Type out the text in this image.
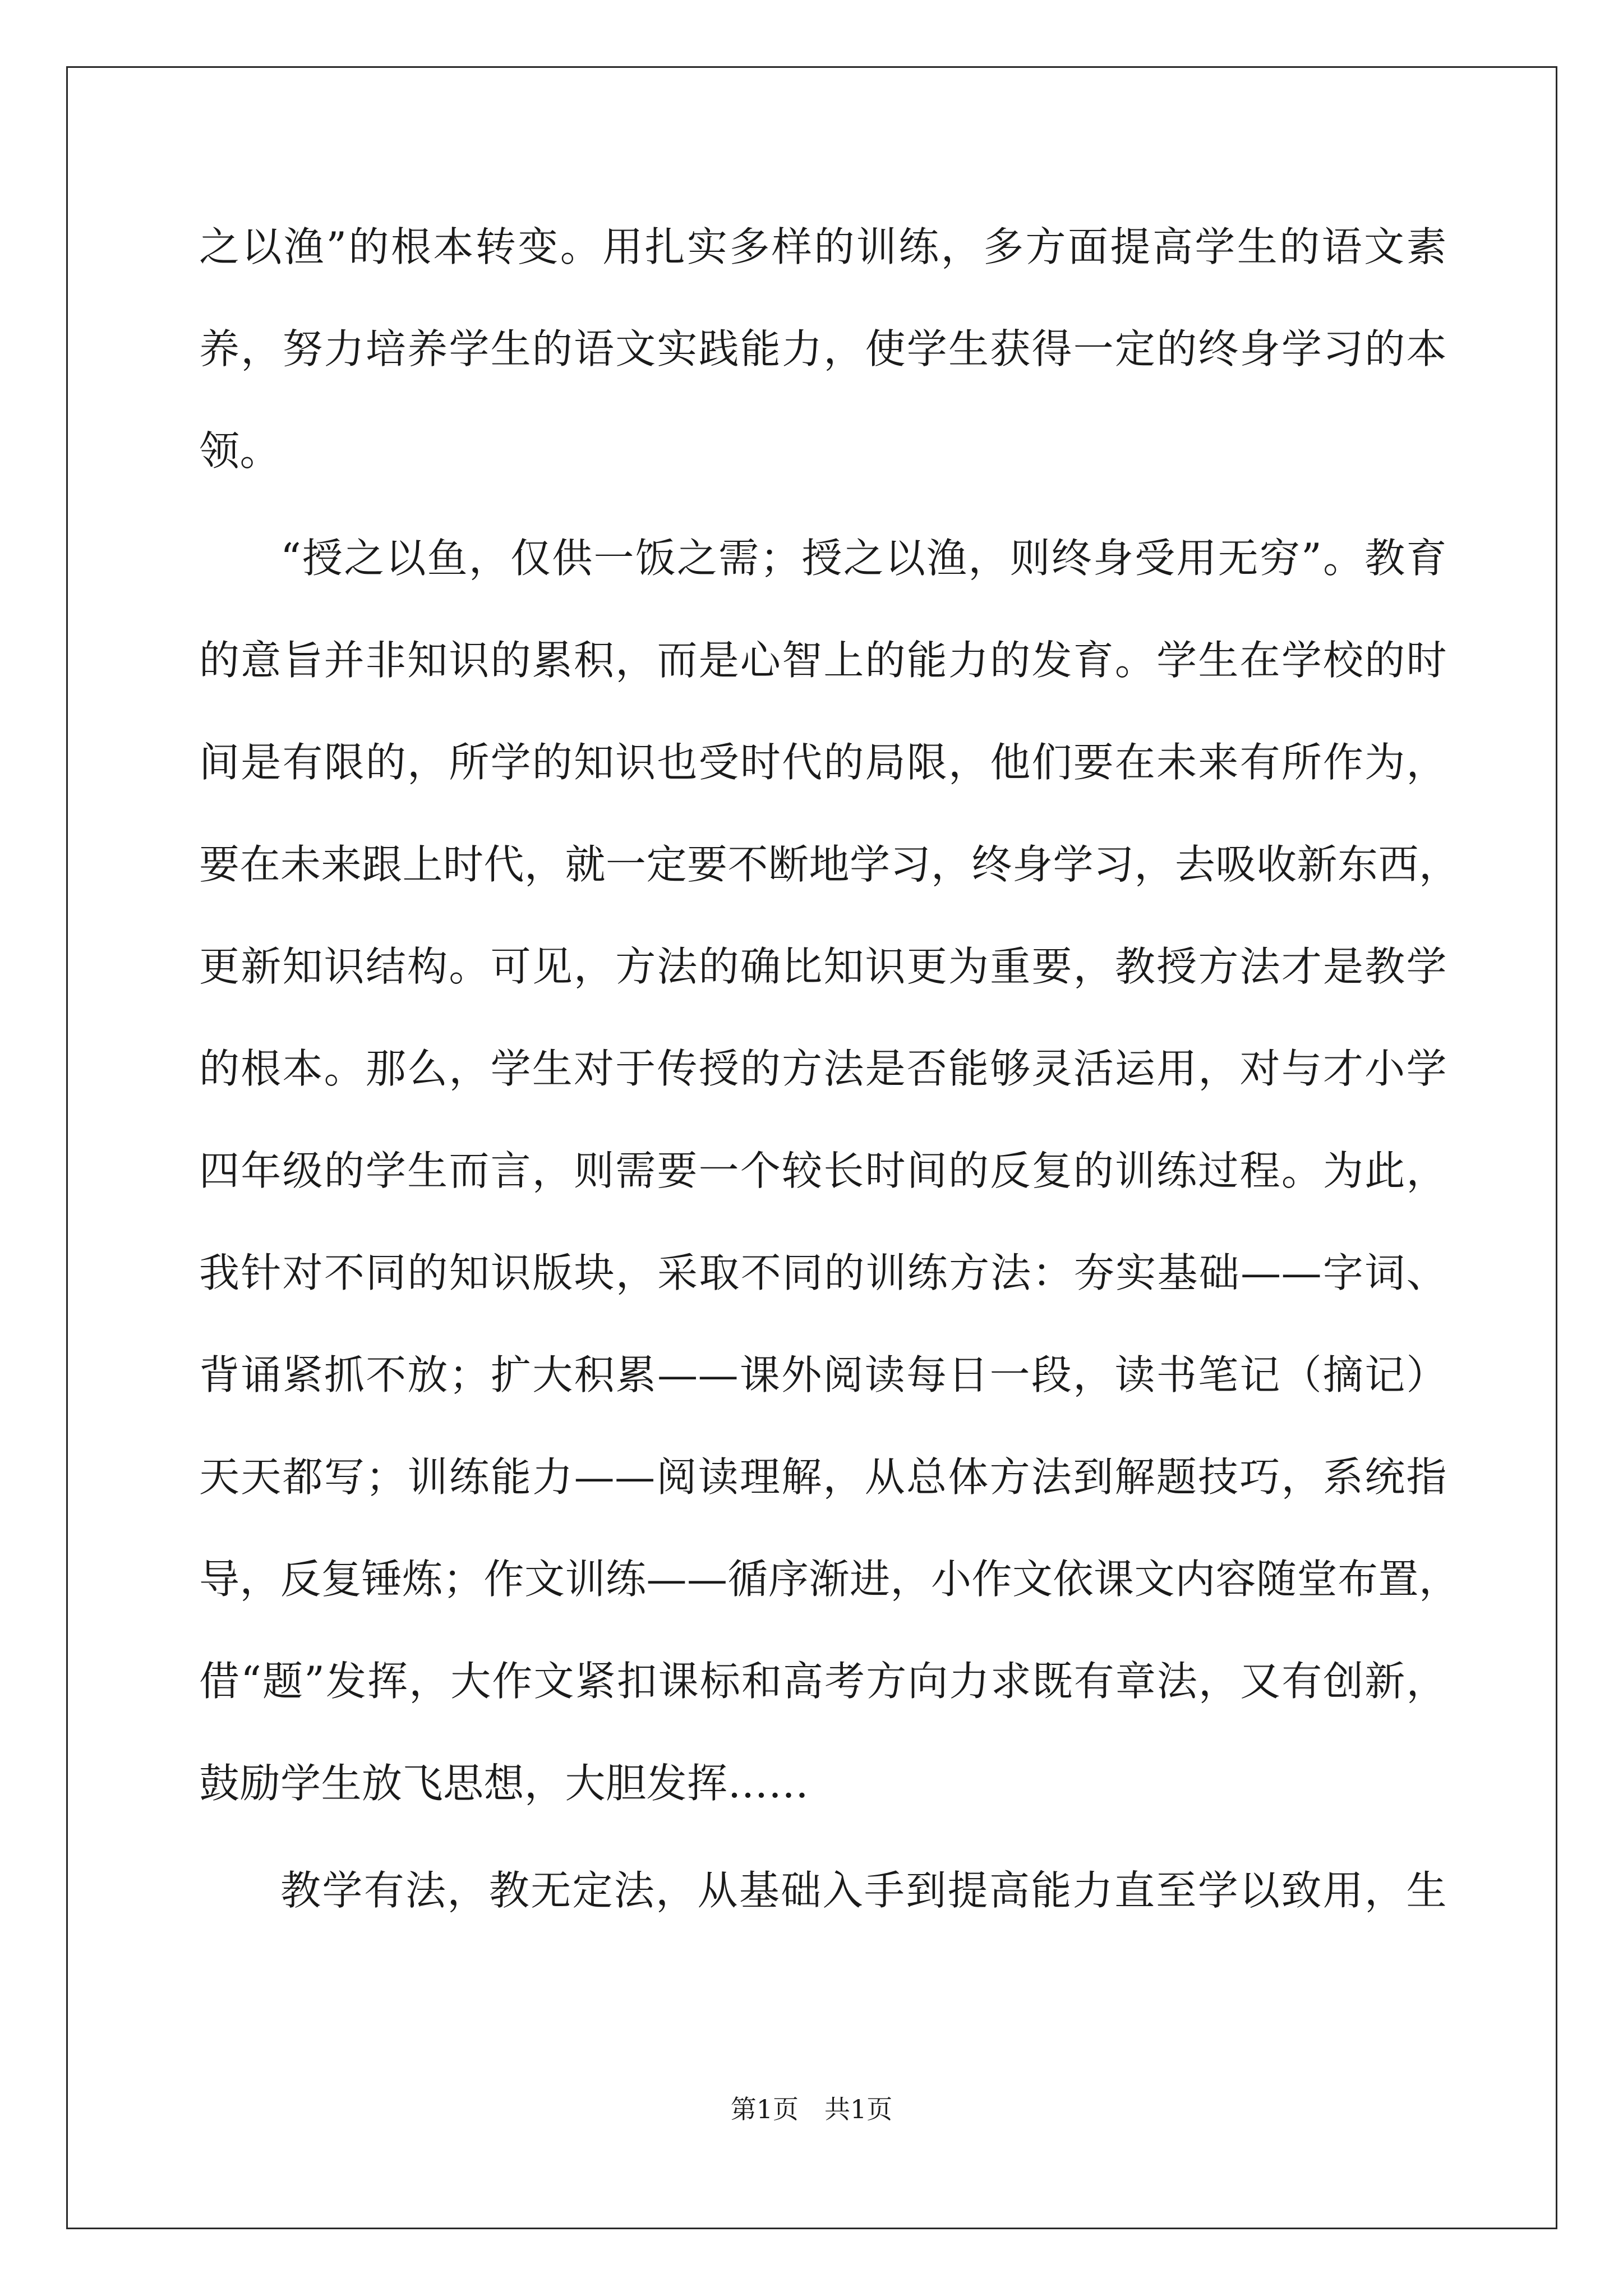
之以渔”的根本转变。用扎实多样的训练，多方面提高学生的语文素
养，努力培养学生的语文实践能力，使学生获得一定的终身学习的本
领。
“授之以鱼，仅供一饭之需；授之以渔，则终身受用无穷”。教育
的意旨并非知识的累积，而是心智上的能力的发育。学生在学校的时
间是有限的，所学的知识也受时代的局限，他们要在未来有所作为，
要在未来跟上时代，就一定要不断地学习，终身学习，去吸收新东西，
更新知识结构。可见，方法的确比知识更为重要，教授方法才是教学
的根本。那么，学生对于传授的方法是否能够灵活运用，对与才小学
四年级的学生而言，则需要一个较长时间的反复的训练过程。为此，
我针对不同的知识版块，采取不同的训练方法：夯实基础——字词、
背诵紧抓不放；扩大积累——课外阅读每日一段，读书笔记（摘记）
天天都写；训练能力——阅读理解，从总体方法到解题技巧，系统指
导，反复锤炼；作文训练——循序渐进，小作文依课文内容随堂布置，
借“题”发挥，大作文紧扣课标和高考方向力求既有章法，又有创新，
鼓励学生放飞思想，大胆发挥……
教学有法，教无定法，从基础入手到提高能力直至学以致用，生
第1页 共1页
